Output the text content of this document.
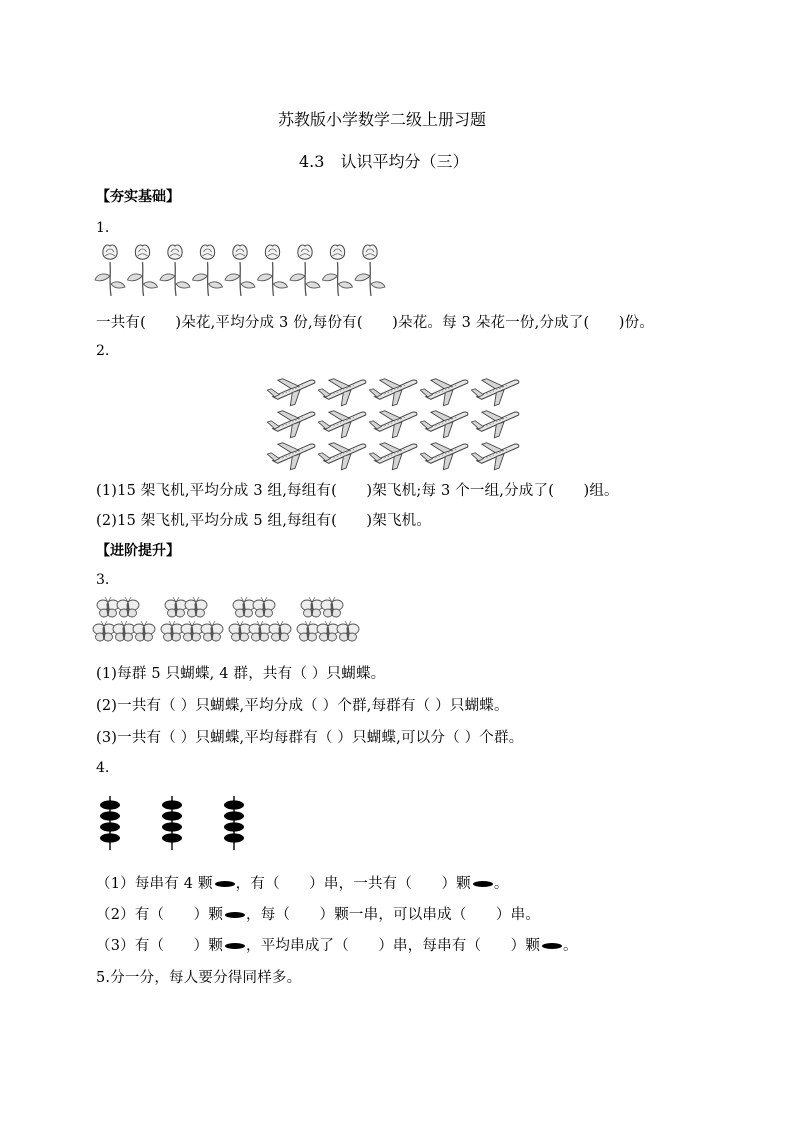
苏教版小学数学二级上册习题
4.3　认识平均分（三）
【夯实基础】
1.
一共有(　　)朵花,平均分成 3 份,每份有(　　)朵花。每 3 朵花一份,分成了(　　)份。
2.
(1)15 架飞机,平均分成 3 组,每组有(　　)架飞机;每 3 个一组,分成了(　　)组。
(2)15 架飞机,平均分成 5 组,每组有(　　)架飞机。
【进阶提升】
3.
(1)每群 5 只蝴蝶, 4 群，共有（ ）只蝴蝶。
(2)一共有（ ）只蝴蝶,平均分成（ ）个群,每群有（ ）只蝴蝶。
(3)一共有（ ）只蝴蝶,平均每群有（ ）只蝴蝶,可以分（ ）个群。
4.
（1）每串有 4 颗 ，有（　　）串，一共有（　　）颗 。
（2）有（　　）颗 ，每（　　）颗一串，可以串成（　　）串。
（3）有（　　）颗 ，平均串成了（　　）串，每串有（　　）颗 。
5.分一分，每人要分得同样多。
